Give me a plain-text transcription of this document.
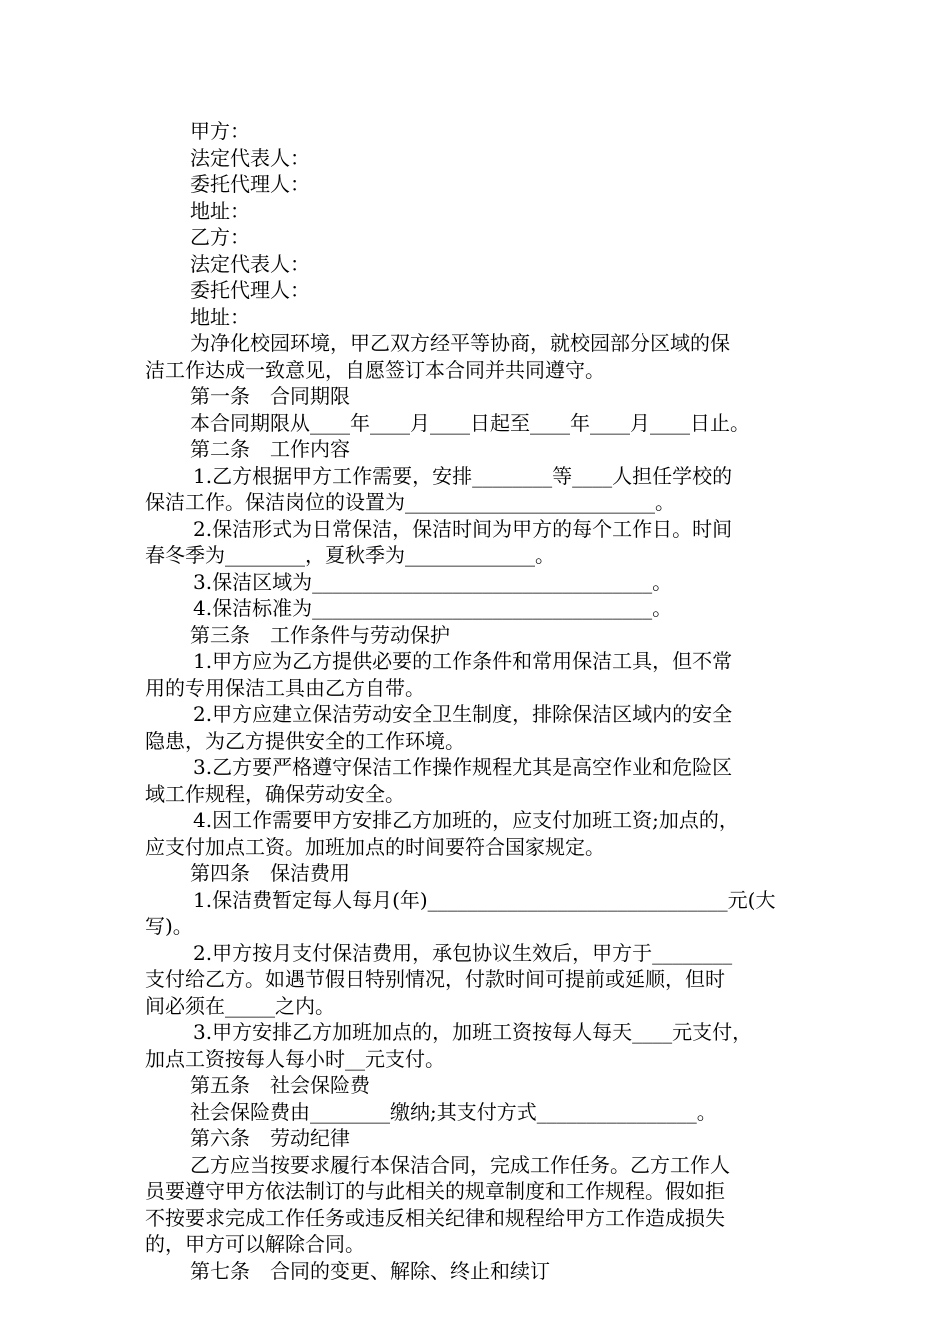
甲方：
法定代表人：
委托代理人：
地址：
乙方：
法定代表人：
委托代理人：
地址：
为净化校园环境，甲乙双方经平等协商，就校园部分区域的保
洁工作达成一致意见，自愿签订本合同并共同遵守。
第一条　合同期限
本合同期限从____年____月____日起至____年____月____日止。
第二条　工作内容
1.乙方根据甲方工作需要，安排________等____人担任学校的
保洁工作。保洁岗位的设置为_________________________。
2.保洁形式为日常保洁，保洁时间为甲方的每个工作日。时间
春冬季为________，夏秋季为_____________。
3.保洁区域为__________________________________。
4.保洁标准为__________________________________。
第三条　工作条件与劳动保护
1.甲方应为乙方提供必要的工作条件和常用保洁工具，但不常
用的专用保洁工具由乙方自带。
2.甲方应建立保洁劳动安全卫生制度，排除保洁区域内的安全
隐患，为乙方提供安全的工作环境。
3.乙方要严格遵守保洁工作操作规程尤其是高空作业和危险区
域工作规程，确保劳动安全。
4.因工作需要甲方安排乙方加班的，应支付加班工资;加点的，
应支付加点工资。加班加点的时间要符合国家规定。
第四条　保洁费用
1.保洁费暂定每人每月(年)______________________________元(大
写)。
2.甲方按月支付保洁费用，承包协议生效后，甲方于________
支付给乙方。如遇节假日特别情况，付款时间可提前或延顺，但时
间必须在_____之内。
3.甲方安排乙方加班加点的，加班工资按每人每天____元支付，
加点工资按每人每小时__元支付。
第五条　社会保险费
社会保险费由________缴纳;其支付方式________________。
第六条　劳动纪律
乙方应当按要求履行本保洁合同，完成工作任务。乙方工作人
员要遵守甲方依法制订的与此相关的规章制度和工作规程。假如拒
不按要求完成工作任务或违反相关纪律和规程给甲方工作造成损失
的，甲方可以解除合同。
第七条　合同的变更、解除、终止和续订
